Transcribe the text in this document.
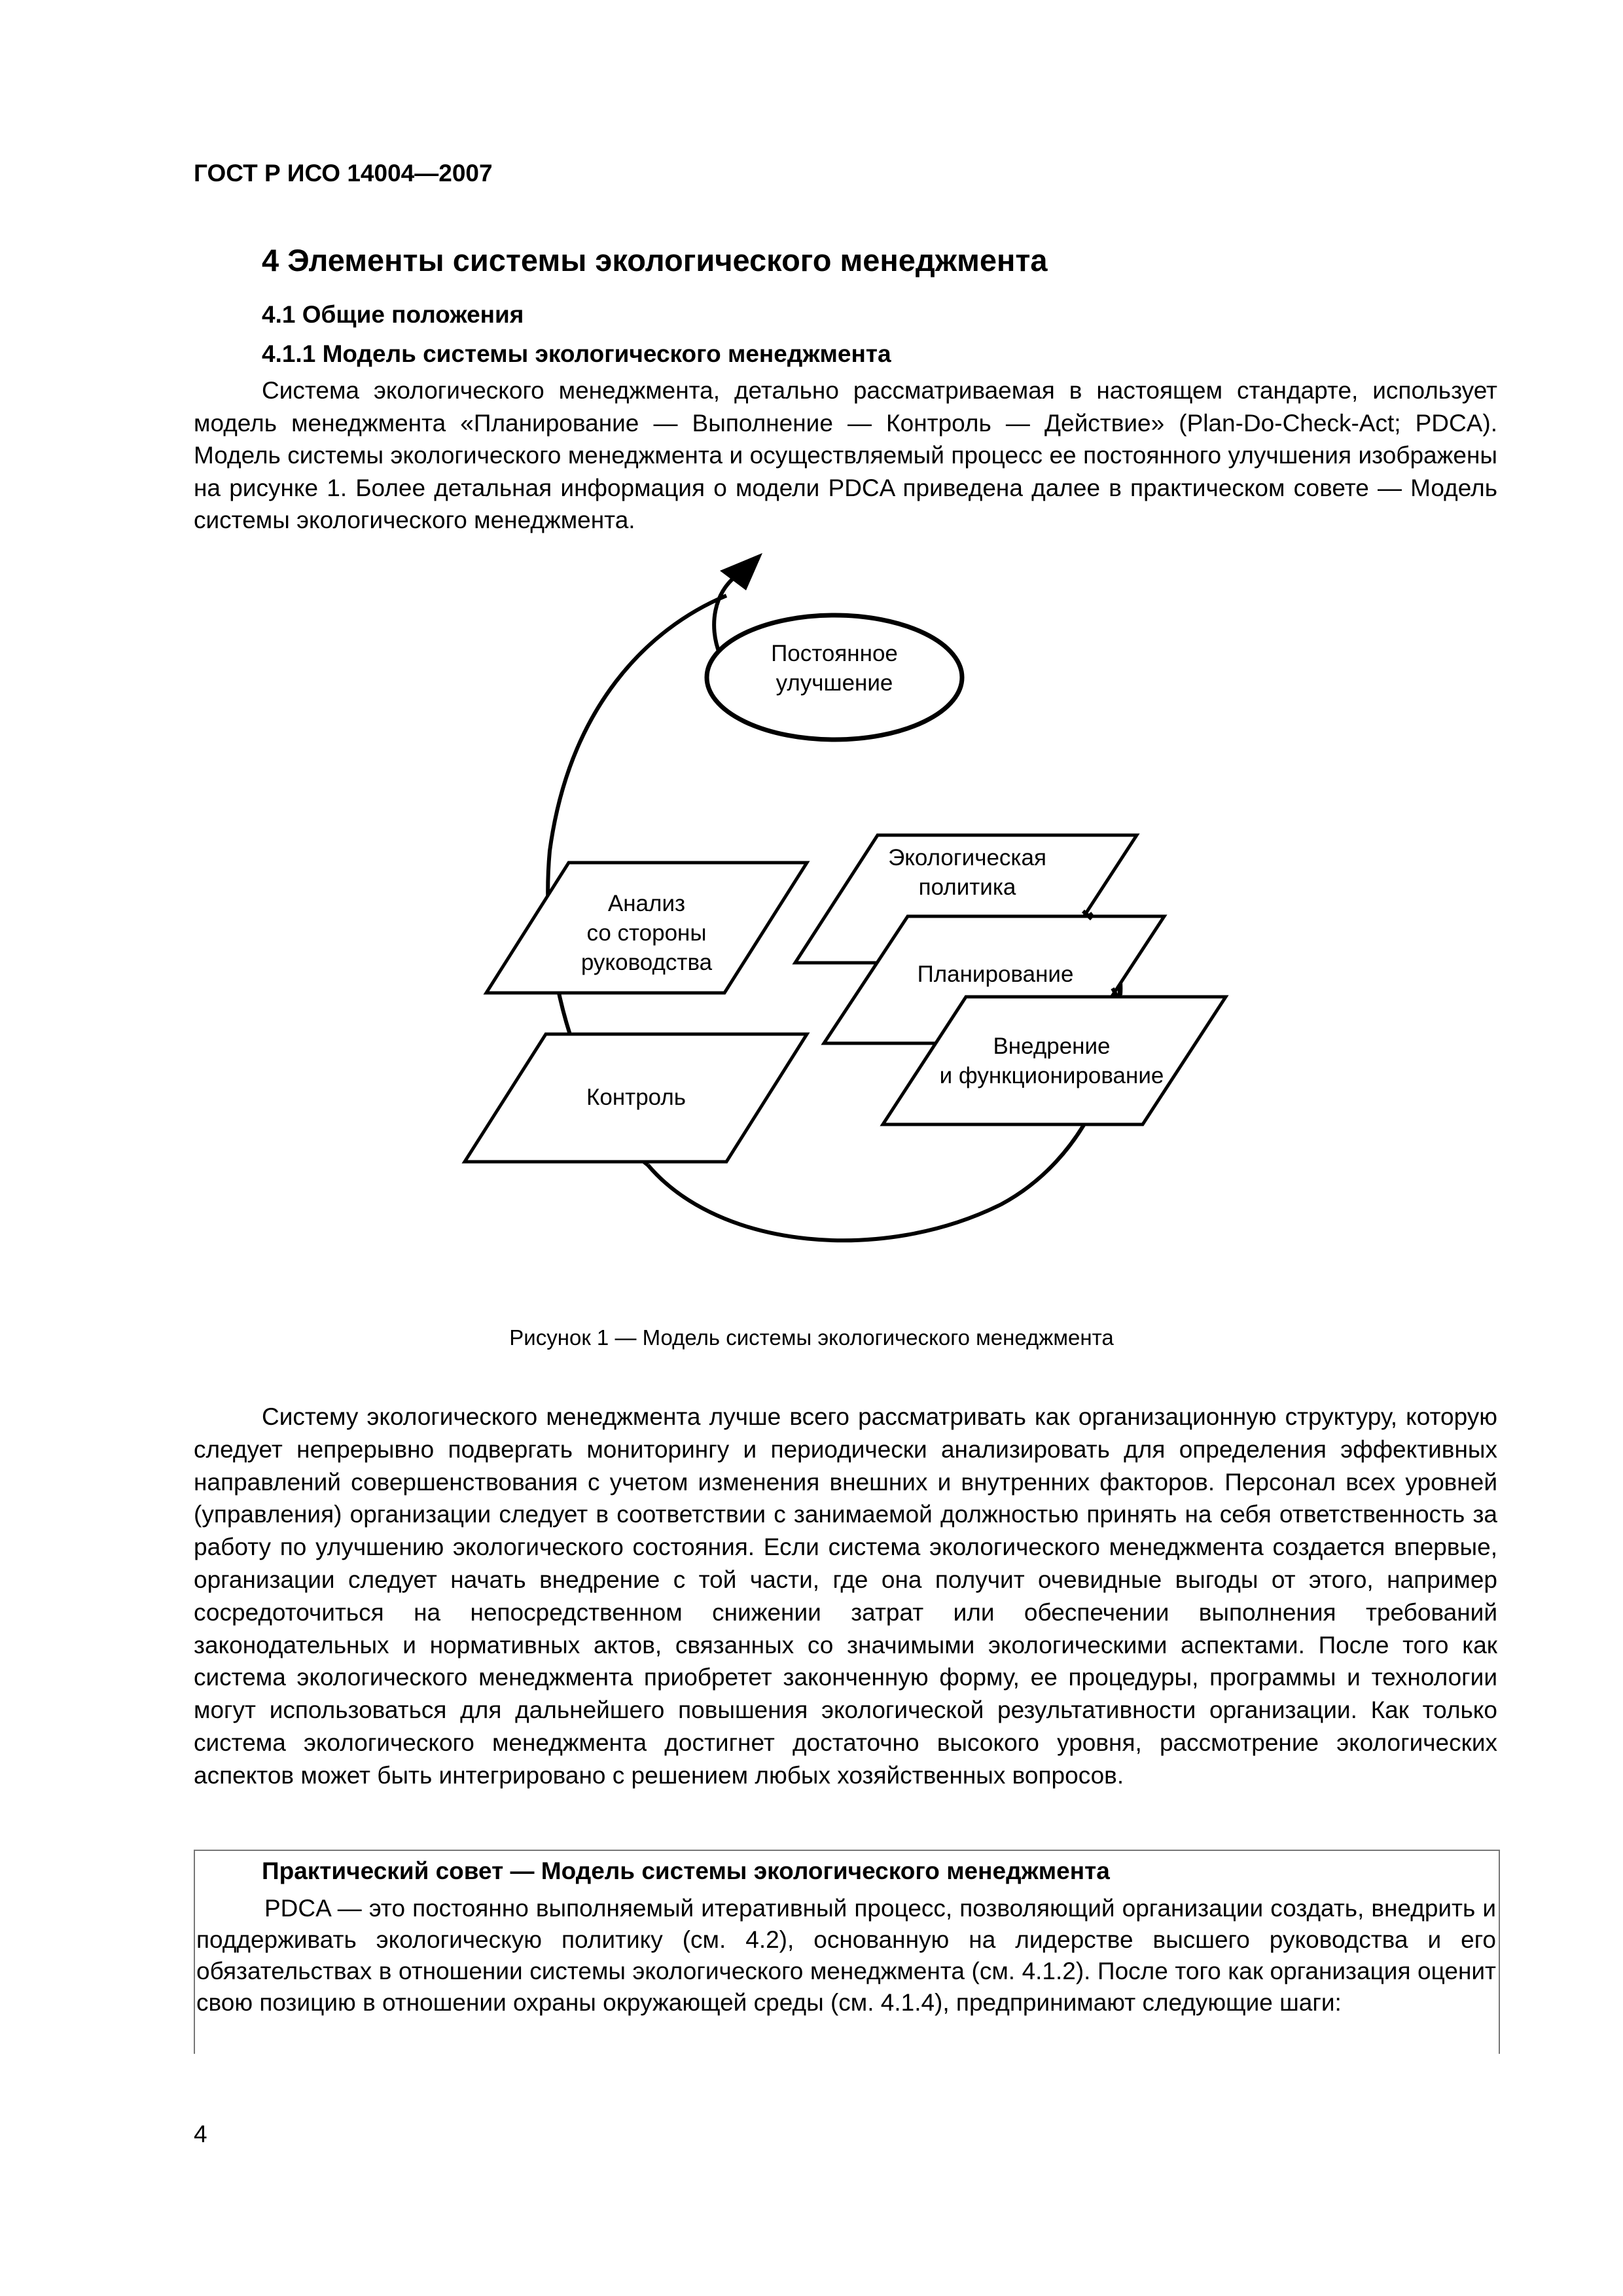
ГОСТ Р ИСО 14004—2007
4 Элементы системы экологического менеджмента
4.1 Общие положения
4.1.1 Модель системы экологического менеджмента
Система экологического менеджмента, детально рассматриваемая в настоящем стандарте, использует модель менеджмента «Планирование — Выполнение — Контроль — Действие» (Plan-Do-Check-Act; PDCA). Модель системы экологического менеджмента и осуществляемый процесс ее постоянного улучшения изображены на рисунке 1. Более детальная информация о модели PDCA приведена далее в практическом совете — Модель системы экологического менеджмента.
Постоянное
улучшение
Анализ
со стороны
руководства
Контроль
Экологическая
политика
Планирование
Внедрение
и функционирование
Рисунок 1 — Модель системы экологического менеджмента
Систему экологического менеджмента лучше всего рассматривать как организационную структуру, которую следует непрерывно подвергать мониторингу и периодически анализировать для определения эффективных направлений совершенствования с учетом изменения внешних и внутренних факторов. Персонал всех уровней (управления) организации следует в соответствии с занимаемой должностью принять на себя ответственность за работу по улучшению экологического состояния. Если система экологического менеджмента создается впервые, организации следует начать внедрение с той части, где она получит очевидные выгоды от этого, например сосредоточиться на непосредственном снижении затрат или обеспечении выполнения требований законодательных и нормативных актов, связанных со значимыми экологическими аспектами. После того как система экологического менеджмента приобретет законченную форму, ее процедуры, программы и технологии могут использоваться для дальнейшего повышения экологической результативности организации. Как только система экологического менеджмента достигнет достаточно высокого уровня, рассмотрение экологических аспектов может быть интегрировано с решением любых хозяйственных вопросов.
Практический совет — Модель системы экологического менеджмента
PDCA — это постоянно выполняемый итеративный процесс, позволяющий организации создать, внедрить и поддерживать экологическую политику (см. 4.2), основанную на лидерстве высшего руководства и его обязательствах в отношении системы экологического менеджмента (см. 4.1.2). После того как организация оценит свою позицию в отношении охраны окружающей среды (см. 4.1.4), предпринимают следующие шаги:
4
